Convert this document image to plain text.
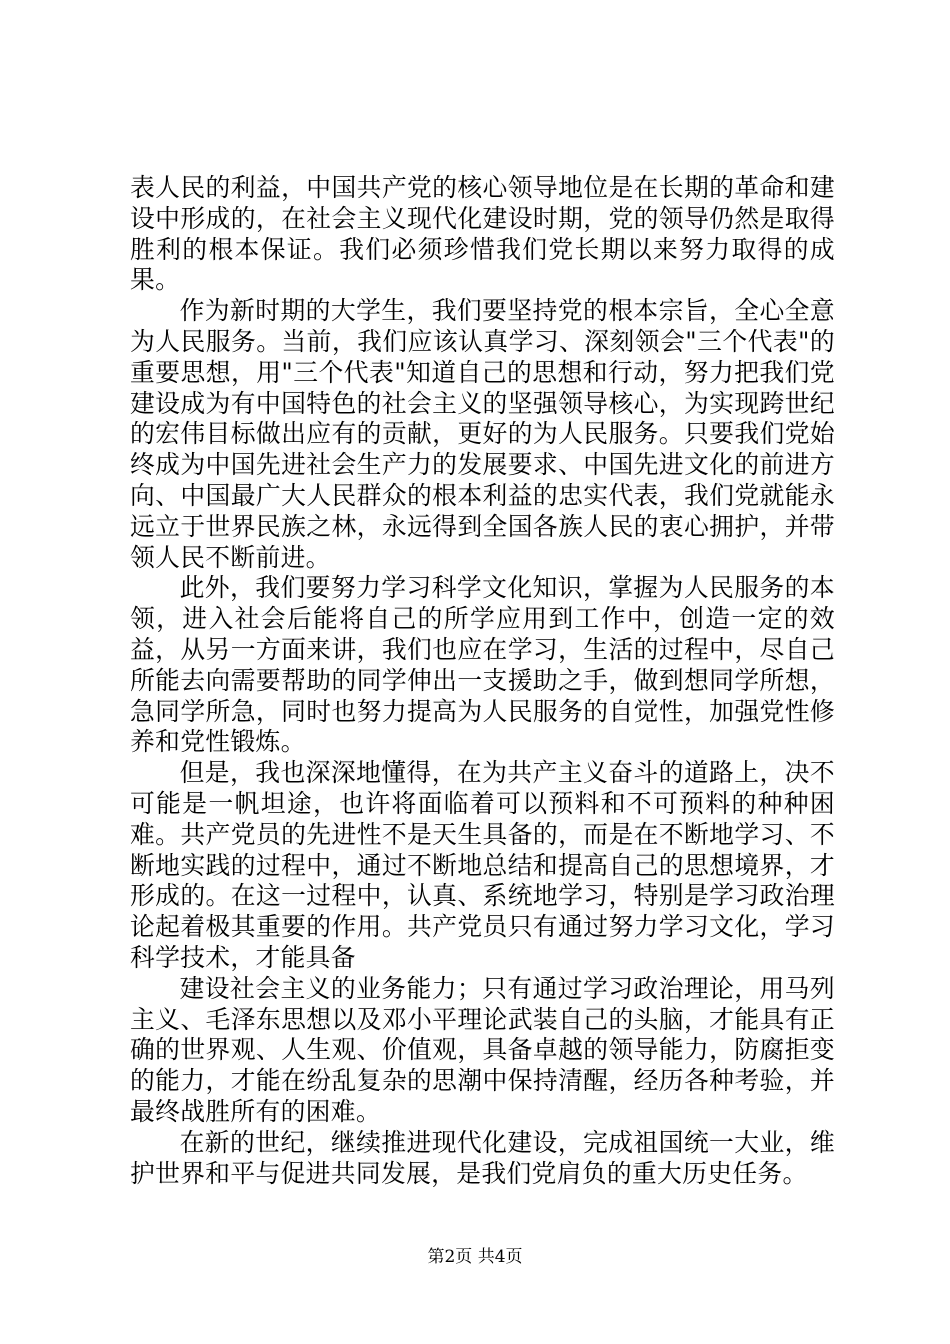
表人民的利益，中国共产党的核心领导地位是在长期的革命和建设中形成的，在社会主义现代化建设时期，党的领导仍然是取得胜利的根本保证。我们必须珍惜我们党长期以来努力取得的成果。

作为新时期的大学生，我们要坚持党的根本宗旨，全心全意为人民服务。当前，我们应该认真学习、深刻领会"三个代表"的重要思想，用"三个代表"知道自己的思想和行动，努力把我们党建设成为有中国特色的社会主义的坚强领导核心，为实现跨世纪的宏伟目标做出应有的贡献，更好的为人民服务。只要我们党始终成为中国先进社会生产力的发展要求、中国先进文化的前进方向、中国最广大人民群众的根本利益的忠实代表，我们党就能永远立于世界民族之林，永远得到全国各族人民的衷心拥护，并带领人民不断前进。

此外，我们要努力学习科学文化知识，掌握为人民服务的本领，进入社会后能将自己的所学应用到工作中，创造一定的效益，从另一方面来讲，我们也应在学习，生活的过程中，尽自己所能去向需要帮助的同学伸出一支援助之手，做到想同学所想，急同学所急，同时也努力提高为人民服务的自觉性，加强党性修养和党性锻炼。

但是，我也深深地懂得，在为共产主义奋斗的道路上，决不可能是一帆坦途，也许将面临着可以预料和不可预料的种种困难。共产党员的先进性不是天生具备的，而是在不断地学习、不断地实践的过程中，通过不断地总结和提高自己的思想境界，才形成的。在这一过程中，认真、系统地学习，特别是学习政治理论起着极其重要的作用。共产党员只有通过努力学习文化，学习科学技术，才能具备

建设社会主义的业务能力；只有通过学习政治理论，用马列主义、毛泽东思想以及邓小平理论武装自己的头脑，才能具有正确的世界观、人生观、价值观，具备卓越的领导能力，防腐拒变的能力，才能在纷乱复杂的思潮中保持清醒，经历各种考验，并最终战胜所有的困难。

在新的世纪，继续推进现代化建设，完成祖国统一大业，维护世界和平与促进共同发展，是我们党肩负的重大历史任务。

第2页 共4页
